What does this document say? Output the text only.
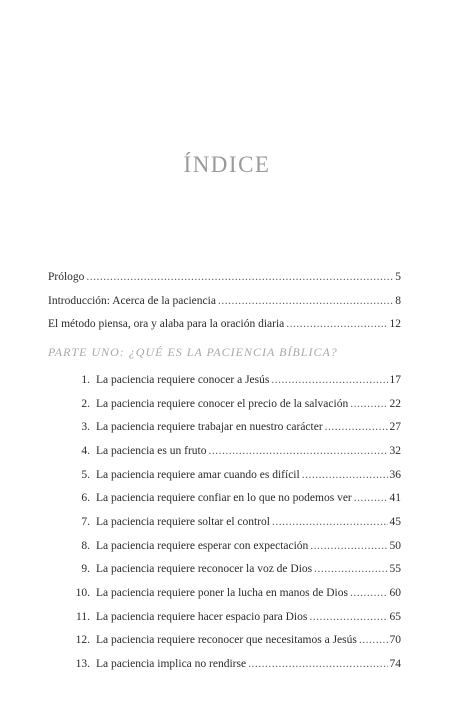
ÍNDICE
Prólogo .....	5
Introducción: Acerca de la paciencia .....	8
El método piensa, ora y alaba para la oración diaria .....	12
PARTE UNO: ¿QUÉ ES LA PACIENCIA BÍBLICA?
1. La paciencia requiere conocer a Jesús .....	17
2. La paciencia requiere conocer el precio de la salvación .....	22
3. La paciencia requiere trabajar en nuestro carácter .....	27
4. La paciencia es un fruto .....	32
5. La paciencia requiere amar cuando es difícil .....	36
6. La paciencia requiere confiar en lo que no podemos ver .....	41
7. La paciencia requiere soltar el control .....	45
8. La paciencia requiere esperar con expectación .....	50
9. La paciencia requiere reconocer la voz de Dios .....	55
10. La paciencia requiere poner la lucha en manos de Dios .....	60
11. La paciencia requiere hacer espacio para Dios .....	65
12. La paciencia requiere reconocer que necesitamos a Jesús .....	70
13. La paciencia implica no rendirse .....	74
